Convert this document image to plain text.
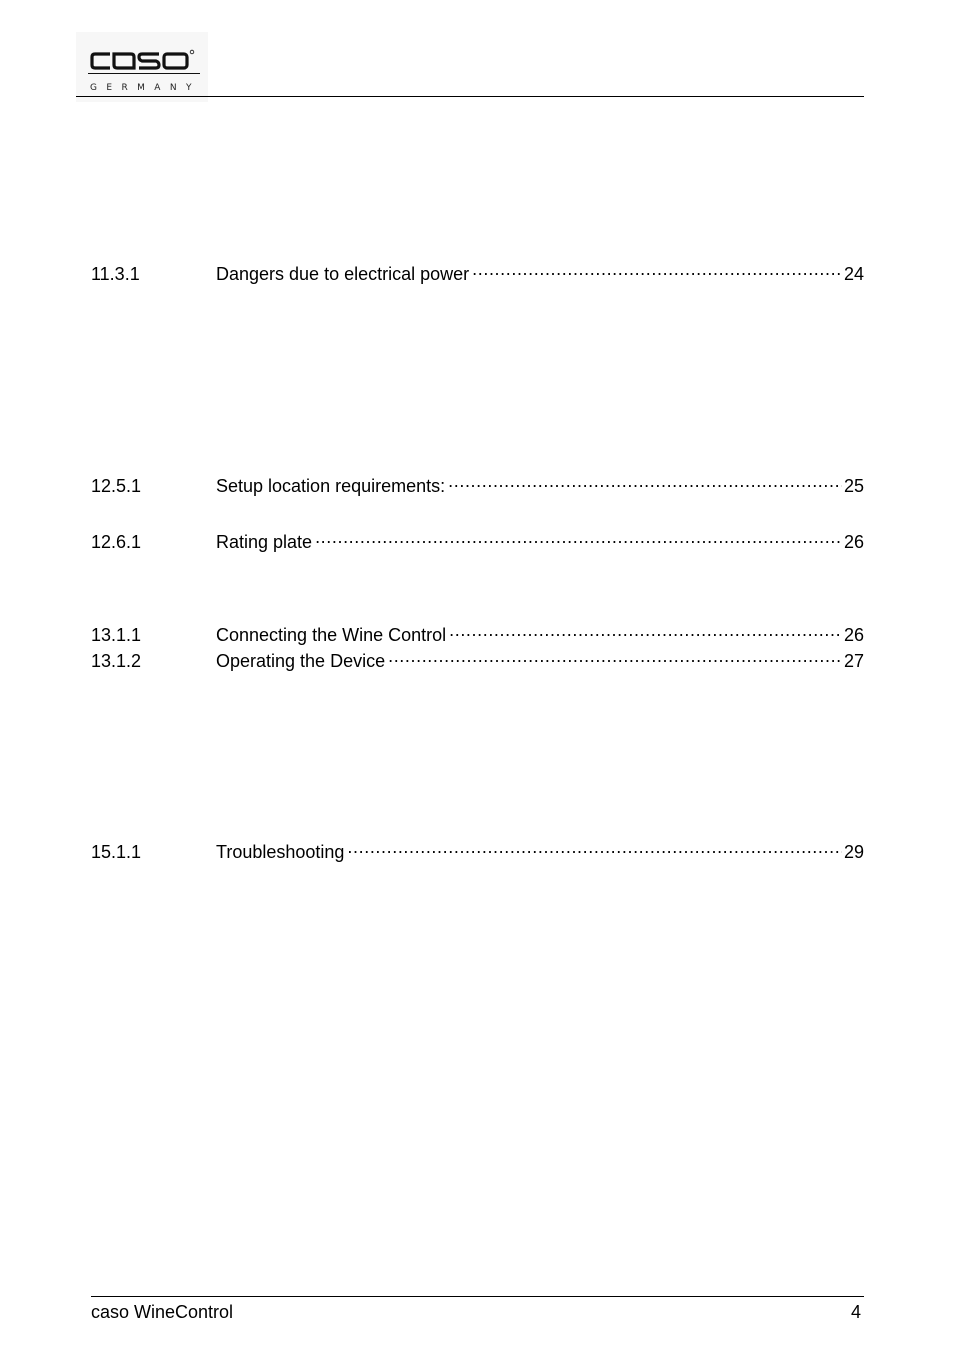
GERMANY
11.3.1	Dangers due to electrical power .....	24
12.5.1	Setup location requirements: .....	25
12.6.1	Rating plate .....	26
13.1.1	Connecting the Wine Control .....	26
13.1.2	Operating the Device .....	27
15.1.1	Troubleshooting .....	29
caso WineControl	4
